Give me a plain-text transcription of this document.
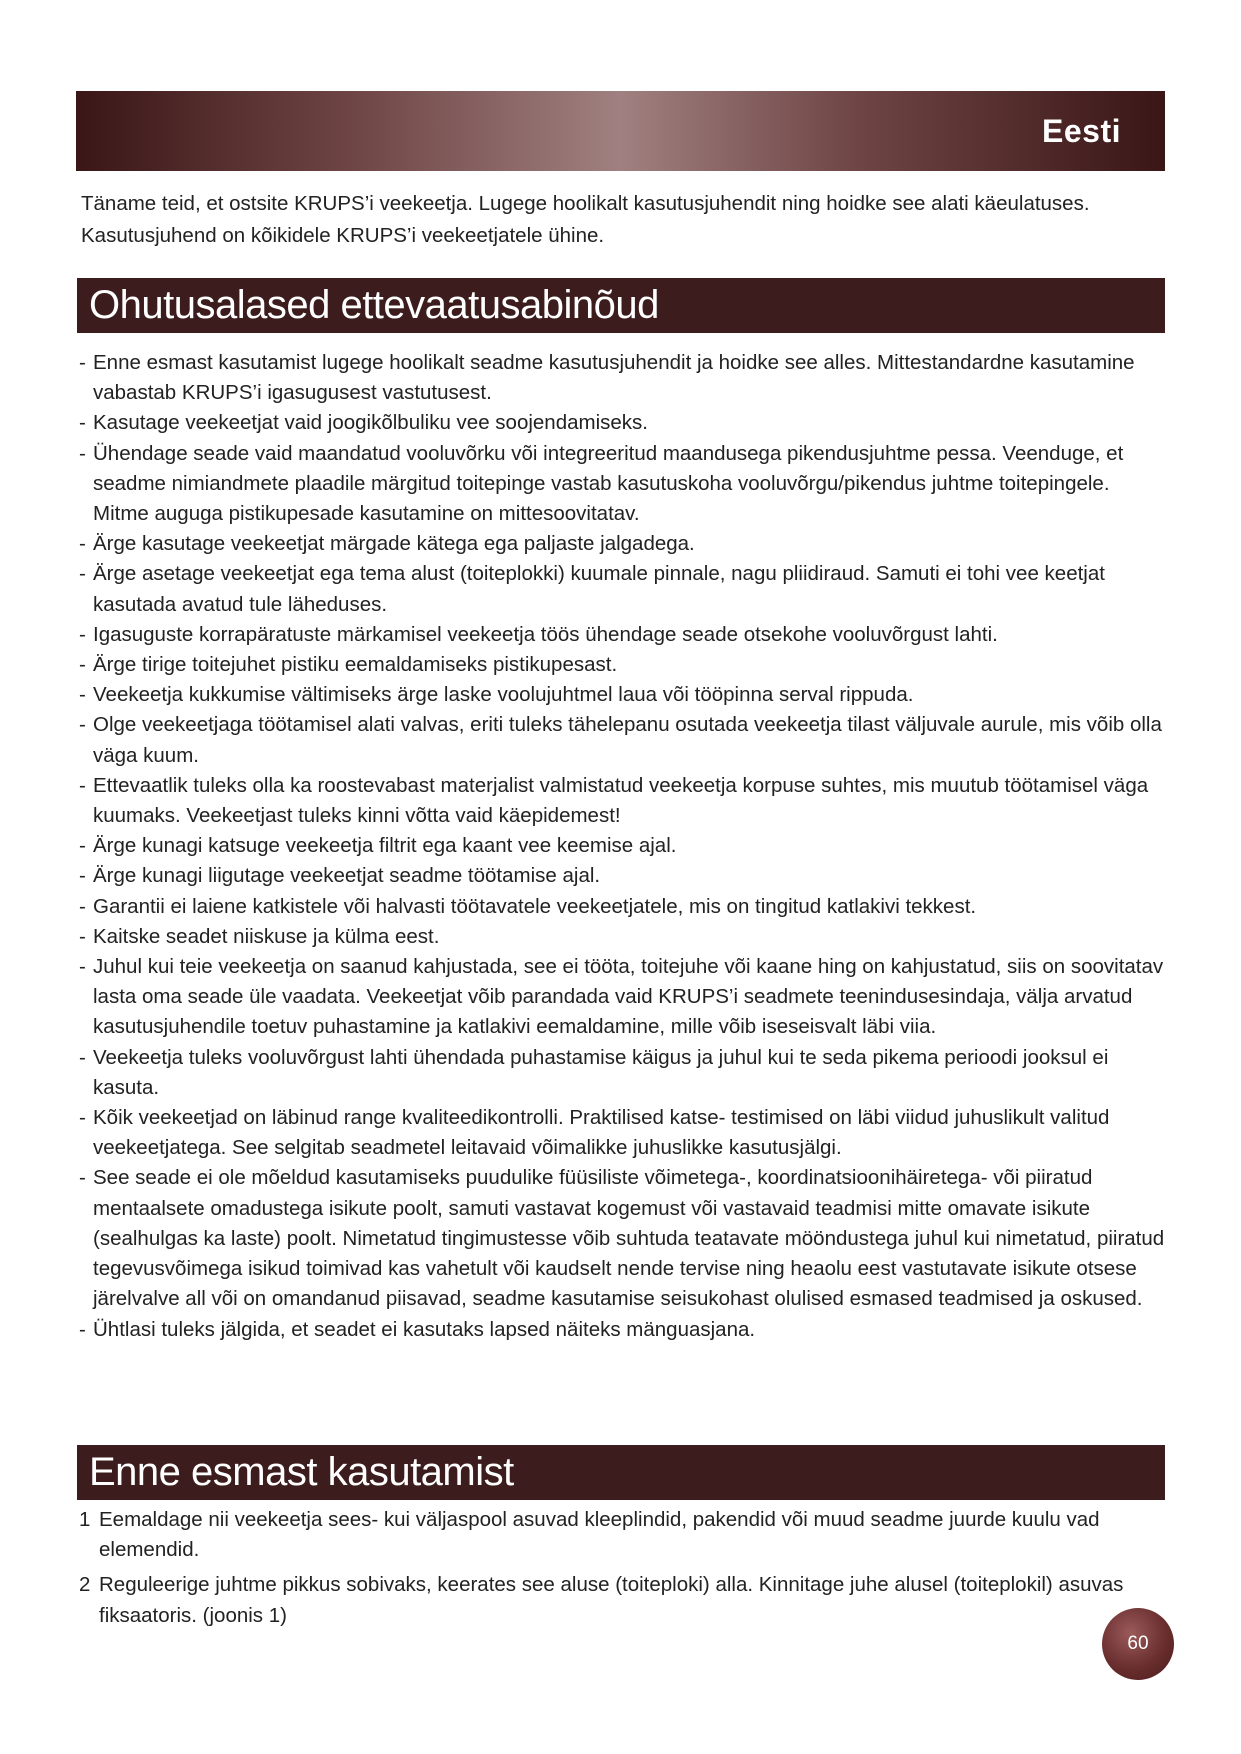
Eesti

Täname teid, et ostsite KRUPS’i veekeetja. Lugege hoolikalt kasutusjuhendit ning hoidke see alati käeulatuses. Kasutusjuhend on kõikidele KRUPS’i veekeetjatele ühine.

Ohutusalased ettevaatusabinõud
- Enne esmast kasutamist lugege hoolikalt seadme kasutusjuhendit ja hoidke see alles. Mittestandardne kasutamine vabastab KRUPS’i igasugusest vastutusest.
- Kasutage veekeetjat vaid joogikõlbuliku vee soojendamiseks.
- Ühendage seade vaid maandatud vooluvõrku või integreeritud maandusega pikendusjuhtme pessa. Veenduge, et seadme nimiandmete plaadile märgitud toitepinge vastab kasutuskoha vooluvõrgu/pikendus juhtme toitepingele. Mitme auguga pistikupesade kasutamine on mittesoovitatav.
- Ärge kasutage veekeetjat märgade kätega ega paljaste jalgadega.
- Ärge asetage veekeetjat ega tema alust (toiteplokki) kuumale pinnale, nagu pliidiraud. Samuti ei tohi vee keetjat kasutada avatud tule läheduses.
- Igasuguste korrapäratuste märkamisel veekeetja töös ühendage seade otsekohe vooluvõrgust lahti.
- Ärge tirige toitejuhet pistiku eemaldamiseks pistikupesast.
- Veekeetja kukkumise vältimiseks ärge laske voolujuhtmel laua või tööpinna serval rippuda.
- Olge veekeetjaga töötamisel alati valvas, eriti tuleks tähelepanu osutada veekeetja tilast väljuvale aurule, mis võib olla väga kuum.
- Ettevaatlik tuleks olla ka roostevabast materjalist valmistatud veekeetja korpuse suhtes, mis muutub töötamisel väga kuumaks. Veekeetjast tuleks kinni võtta vaid käepidemest!
- Ärge kunagi katsuge veekeetja filtrit ega kaant vee keemise ajal.
- Ärge kunagi liigutage veekeetjat seadme töötamise ajal.
- Garantii ei laiene katkistele või halvasti töötavatele veekeetjatele, mis on tingitud katlakivi tekkest.
- Kaitske seadet niiskuse ja külma eest.
- Juhul kui teie veekeetja on saanud kahjustada, see ei tööta, toitejuhe või kaane hing on kahjustatud, siis on soovitatav lasta oma seade üle vaadata. Veekeetjat võib parandada vaid KRUPS’i seadmete teenindusesindaja, välja arvatud kasutusjuhendile toetuv puhastamine ja katlakivi eemaldamine, mille võib iseseisvalt läbi viia.
- Veekeetja tuleks vooluvõrgust lahti ühendada puhastamise käigus ja juhul kui te seda pikema perioodi jooksul ei kasuta.
- Kõik veekeetjad on läbinud range kvaliteedikontrolli. Praktilised katse- testimised on läbi viidud juhuslikult valitud veekeetjatega. See selgitab seadmetel leitavaid võimalikke juhuslikke kasutusjälgi.
- See seade ei ole mõeldud kasutamiseks puudulike füüsiliste võimetega-, koordinatsioonihäiretega- või piiratud mentaalsete omadustega isikute poolt, samuti vastavat kogemust või vastavaid teadmisi mitte omavate isikute (sealhulgas ka laste) poolt. Nimetatud tingimustesse võib suhtuda teatavate mööndustega juhul kui nimetatud, piiratud tegevusvõimega isikud toimivad kas vahetult või kaudselt nende tervise ning heaolu eest vastutavate isikute otsese järelvalve all või on omandanud piisavad, seadme kasutamise seisukohast olulised esmased teadmised ja oskused.
- Ühtlasi tuleks jälgida, et seadet ei kasutaks lapsed näiteks mänguasjana.
Enne esmast kasutamist
1 Eemaldage nii veekeetja sees- kui väljaspool asuvad kleeplindid, pakendid või muud seadme juurde kuulu vad elemendid.
2 Reguleerige juhtme pikkus sobivaks, keerates see aluse (toiteploki) alla. Kinnitage juhe alusel (toiteplokil) asuvas fiksaatoris. (joonis 1)
60
